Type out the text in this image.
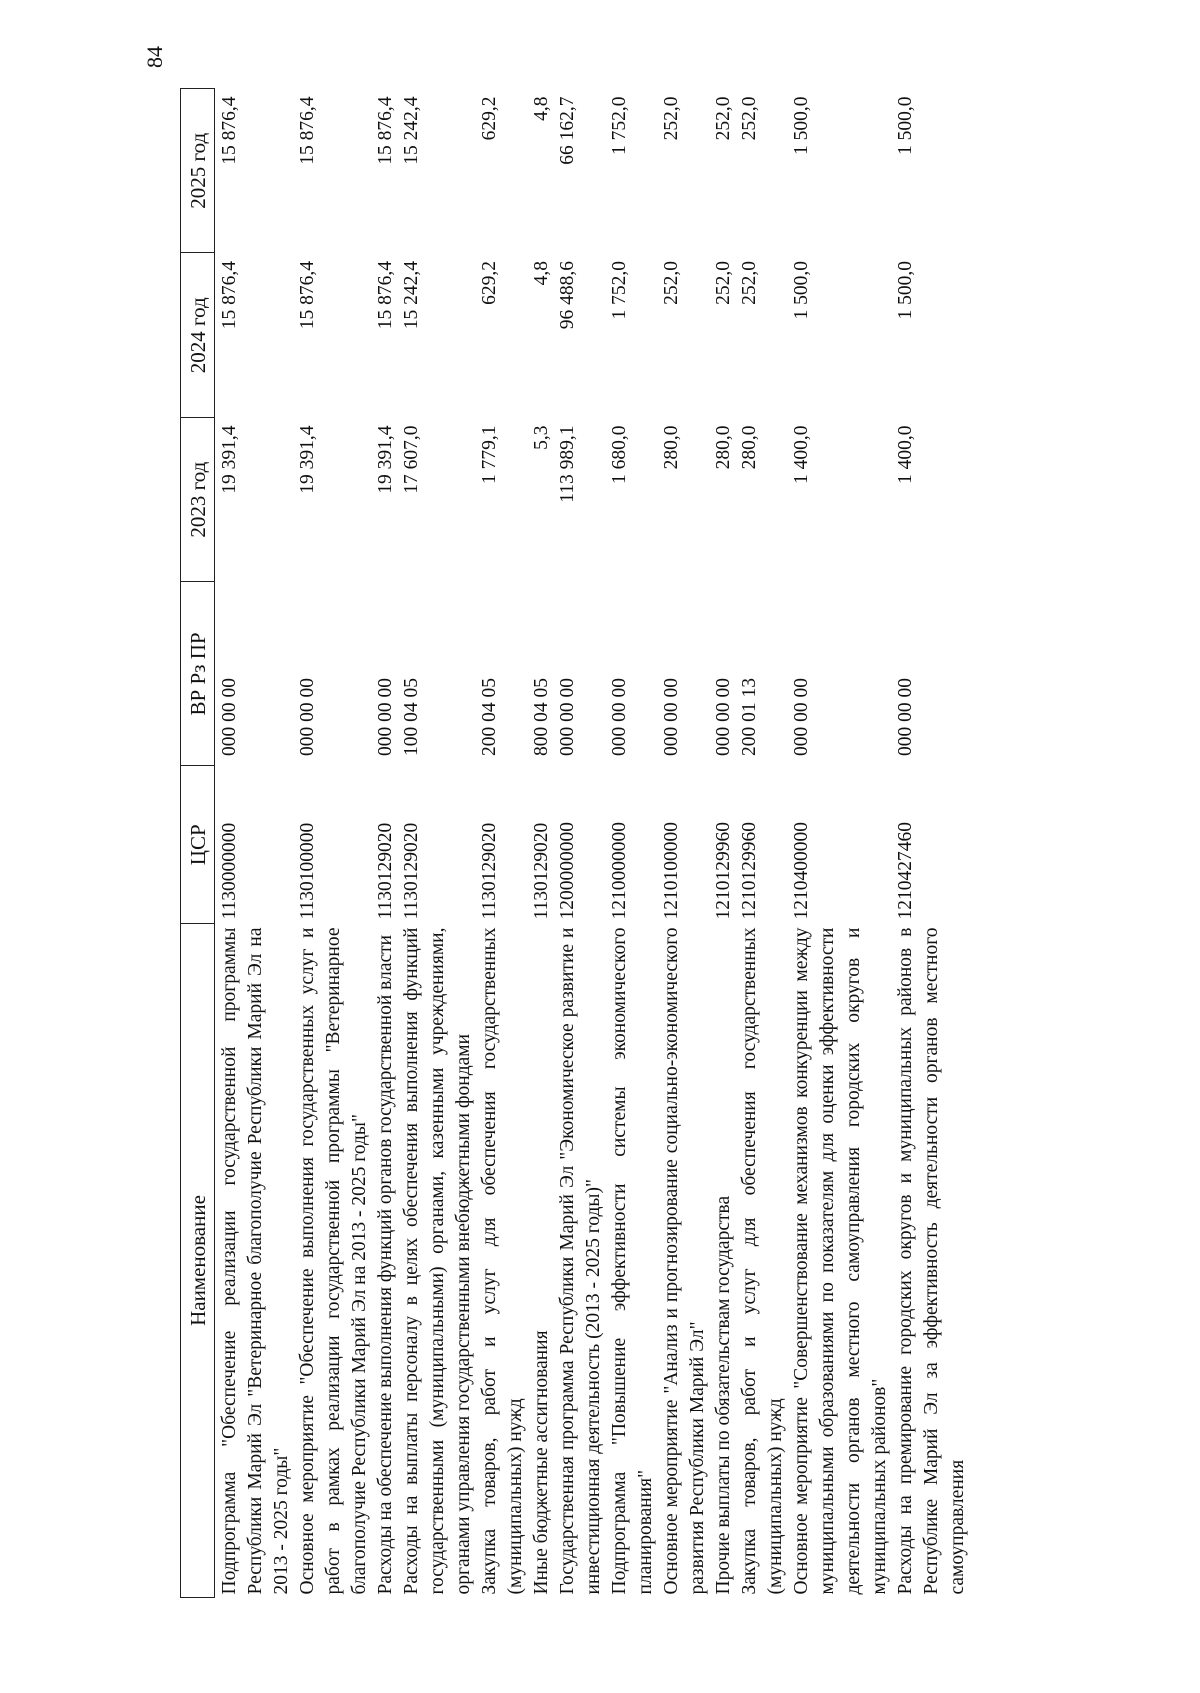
84
Наименование	ЦСР	ВР Рз ПР	2023 год	2024 год	2025 год
Подпрограмма "Обеспечение реализации государственной программы Республики Марий Эл "Ветеринарное благополучие Республики Марий Эл на 2013 - 2025 годы"	1130000000	000 00 00	19 391,4	15 876,4	15 876,4
Основное мероприятие "Обеспечение выполнения государственных услуг и работ в рамках реализации государственной программы "Ветеринарное благополучие Республики Марий Эл на 2013 - 2025 годы"	1130100000	000 00 00	19 391,4	15 876,4	15 876,4
Расходы на обеспечение выполнения функций органов государственной власти	1130129020	000 00 00	19 391,4	15 876,4	15 876,4
Расходы на выплаты персоналу в целях обеспечения выполнения функций государственными (муниципальными) органами, казенными учреждениями, органами управления государственными внебюджетными фондами	1130129020	100 04 05	17 607,0	15 242,4	15 242,4
Закупка товаров, работ и услуг для обеспечения государственных (муниципальных) нужд	1130129020	200 04 05	1 779,1	629,2	629,2
Иные бюджетные ассигнования	1130129020	800 04 05	5,3	4,8	4,8
Государственная программа Республики Марий Эл "Экономическое развитие и инвестиционная деятельность (2013 - 2025 годы)"	1200000000	000 00 00	113 989,1	96 488,6	66 162,7
Подпрограмма "Повышение эффективности системы экономического планирования"	1210000000	000 00 00	1 680,0	1 752,0	1 752,0
Основное мероприятие "Анализ и прогнозирование социально-экономического развития Республики Марий Эл"	1210100000	000 00 00	280,0	252,0	252,0
Прочие выплаты по обязательствам государства	1210129960	000 00 00	280,0	252,0	252,0
Закупка товаров, работ и услуг для обеспечения государственных (муниципальных) нужд	1210129960	200 01 13	280,0	252,0	252,0
Основное мероприятие "Совершенствование механизмов конкуренции между муниципальными образованиями по показателям для оценки эффективности деятельности органов местного самоуправления городских округов и муниципальных районов"	1210400000	000 00 00	1 400,0	1 500,0	1 500,0
Расходы на премирование городских округов и муниципальных районов в Республике Марий Эл за эффективность деятельности органов местного самоуправления	1210427460	000 00 00	1 400,0	1 500,0	1 500,0
